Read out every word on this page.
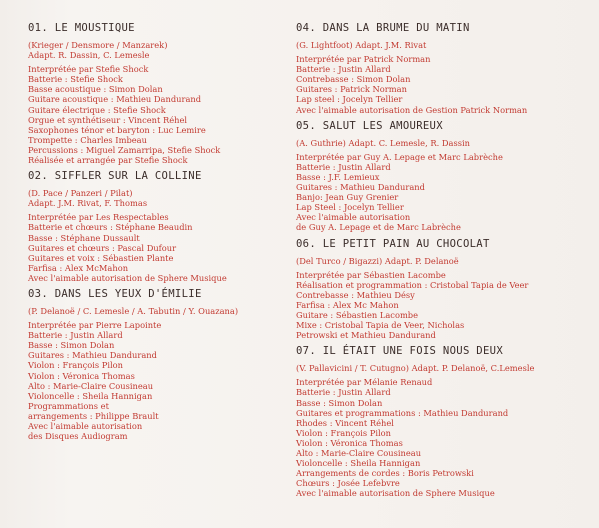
01. LE MOUSTIQUE
(Krieger / Densmore / Manzarek)
Adapt. R. Dassin, C. Lemesle
Interprétée par Stefie Shock
Batterie : Stefie Shock
Basse acoustique : Simon Dolan
Guitare acoustique : Mathieu Dandurand
Guitare électrique : Stefie Shock
Orgue et synthétiseur : Vincent Réhel
Saxophones ténor et baryton : Luc Lemire
Trompette : Charles Imbeau
Percussions : Miguel Zamarripa, Stefie Shock
Réalisée et arrangée par Stefie Shock
02. SIFFLER SUR LA COLLINE
(D. Pace / Panzeri / Pilat)
Adapt. J.M. Rivat, F. Thomas
Interprétée par Les Respectables
Batterie et chœurs : Stéphane Beaudin
Basse : Stéphane Dussault
Guitares et chœurs : Pascal Dufour
Guitares et voix : Sébastien Plante
Farfisa : Alex McMahon
Avec l'aimable autorisation de Sphere Musique
03. DANS LES YEUX D'ÉMILIE
(P. Delanoë / C. Lemesle / A. Tabutin / Y. Ouazana)
Interprétée par Pierre Lapointe
Batterie : Justin Allard
Basse : Simon Dolan
Guitares : Mathieu Dandurand
Violon : François Pilon
Violon : Véronica Thomas
Alto : Marie-Claire Cousineau
Violoncelle : Sheila Hannigan
Programmations et
arrangements : Philippe Brault
Avec l'aimable autorisation
des Disques Audiogram
04. DANS LA BRUME DU MATIN
(G. Lightfoot) Adapt. J.M. Rivat
Interprétée par Patrick Norman
Batterie : Justin Allard
Contrebasse : Simon Dolan
Guitares : Patrick Norman
Lap steel : Jocelyn Tellier
Avec l'aimable autorisation de Gestion Patrick Norman
05. SALUT LES AMOUREUX
(A. Guthrie) Adapt. C. Lemesle, R. Dassin
Interprétée par Guy A. Lepage et Marc Labrèche
Batterie : Justin Allard
Basse : J.F. Lemieux
Guitares : Mathieu Dandurand
Banjo: Jean Guy Grenier
Lap Steel : Jocelyn Tellier
Avec l'aimable autorisation
de Guy A. Lepage et de Marc Labrèche
06. LE PETIT PAIN AU CHOCOLAT
(Del Turco / Bigazzi) Adapt. P. Delanoë
Interprétée par Sébastien Lacombe
Réalisation et programmation : Cristobal Tapia de Veer
Contrebasse : Mathieu Désy
Farfisa : Alex Mc Mahon
Guitare : Sébastien Lacombe
Mixe : Cristobal Tapia de Veer, Nicholas
Petrowski et Mathieu Dandurand
07. IL ÉTAIT UNE FOIS NOUS DEUX
(V. Pallavicini / T. Cutugno) Adapt. P. Delanoë, C.Lemesle
Interprétée par Mélanie Renaud
Batterie : Justin Allard
Basse : Simon Dolan
Guitares et programmations : Mathieu Dandurand
Rhodes : Vincent Réhel
Violon : François Pilon
Violon : Véronica Thomas
Alto : Marie-Claire Cousineau
Violoncelle : Sheila Hannigan
Arrangements de cordes : Boris Petrowski
Chœurs : Josée Lefebvre
Avec l'aimable autorisation de Sphere Musique
